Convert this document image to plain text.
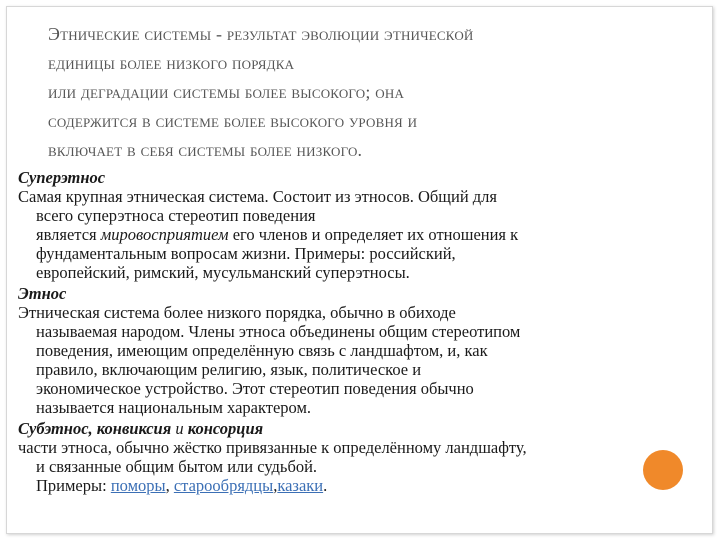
Этнические системы - результат эволюции этнической
единицы более низкого порядка
или деградации системы более высокого; она
содержится в системе более высокого уровня и
включает в себя системы более низкого.
Суперэтнос
Самая крупная этническая система. Состоит из этносов. Общий для
всего суперэтноса стереотип поведения
является мировосприятием его членов и определяет их отношения к
фундаментальным вопросам жизни. Примеры: российский,
европейский, римский, мусульманский суперэтносы.
Этнос
Этническая система более низкого порядка, обычно в обиходе
называемая народом. Члены этноса объединены общим стереотипом
поведения, имеющим определённую связь с ландшафтом, и, как
правило, включающим религию, язык, политическое и
экономическое устройство. Этот стереотип поведения обычно
называется национальным характером.
Субэтнос, конвиксия и консорция
части этноса, обычно жёстко привязанные к определённому ландшафту,
и связанные общим бытом или судьбой.
Примеры: поморы, старообрядцы,казаки.
